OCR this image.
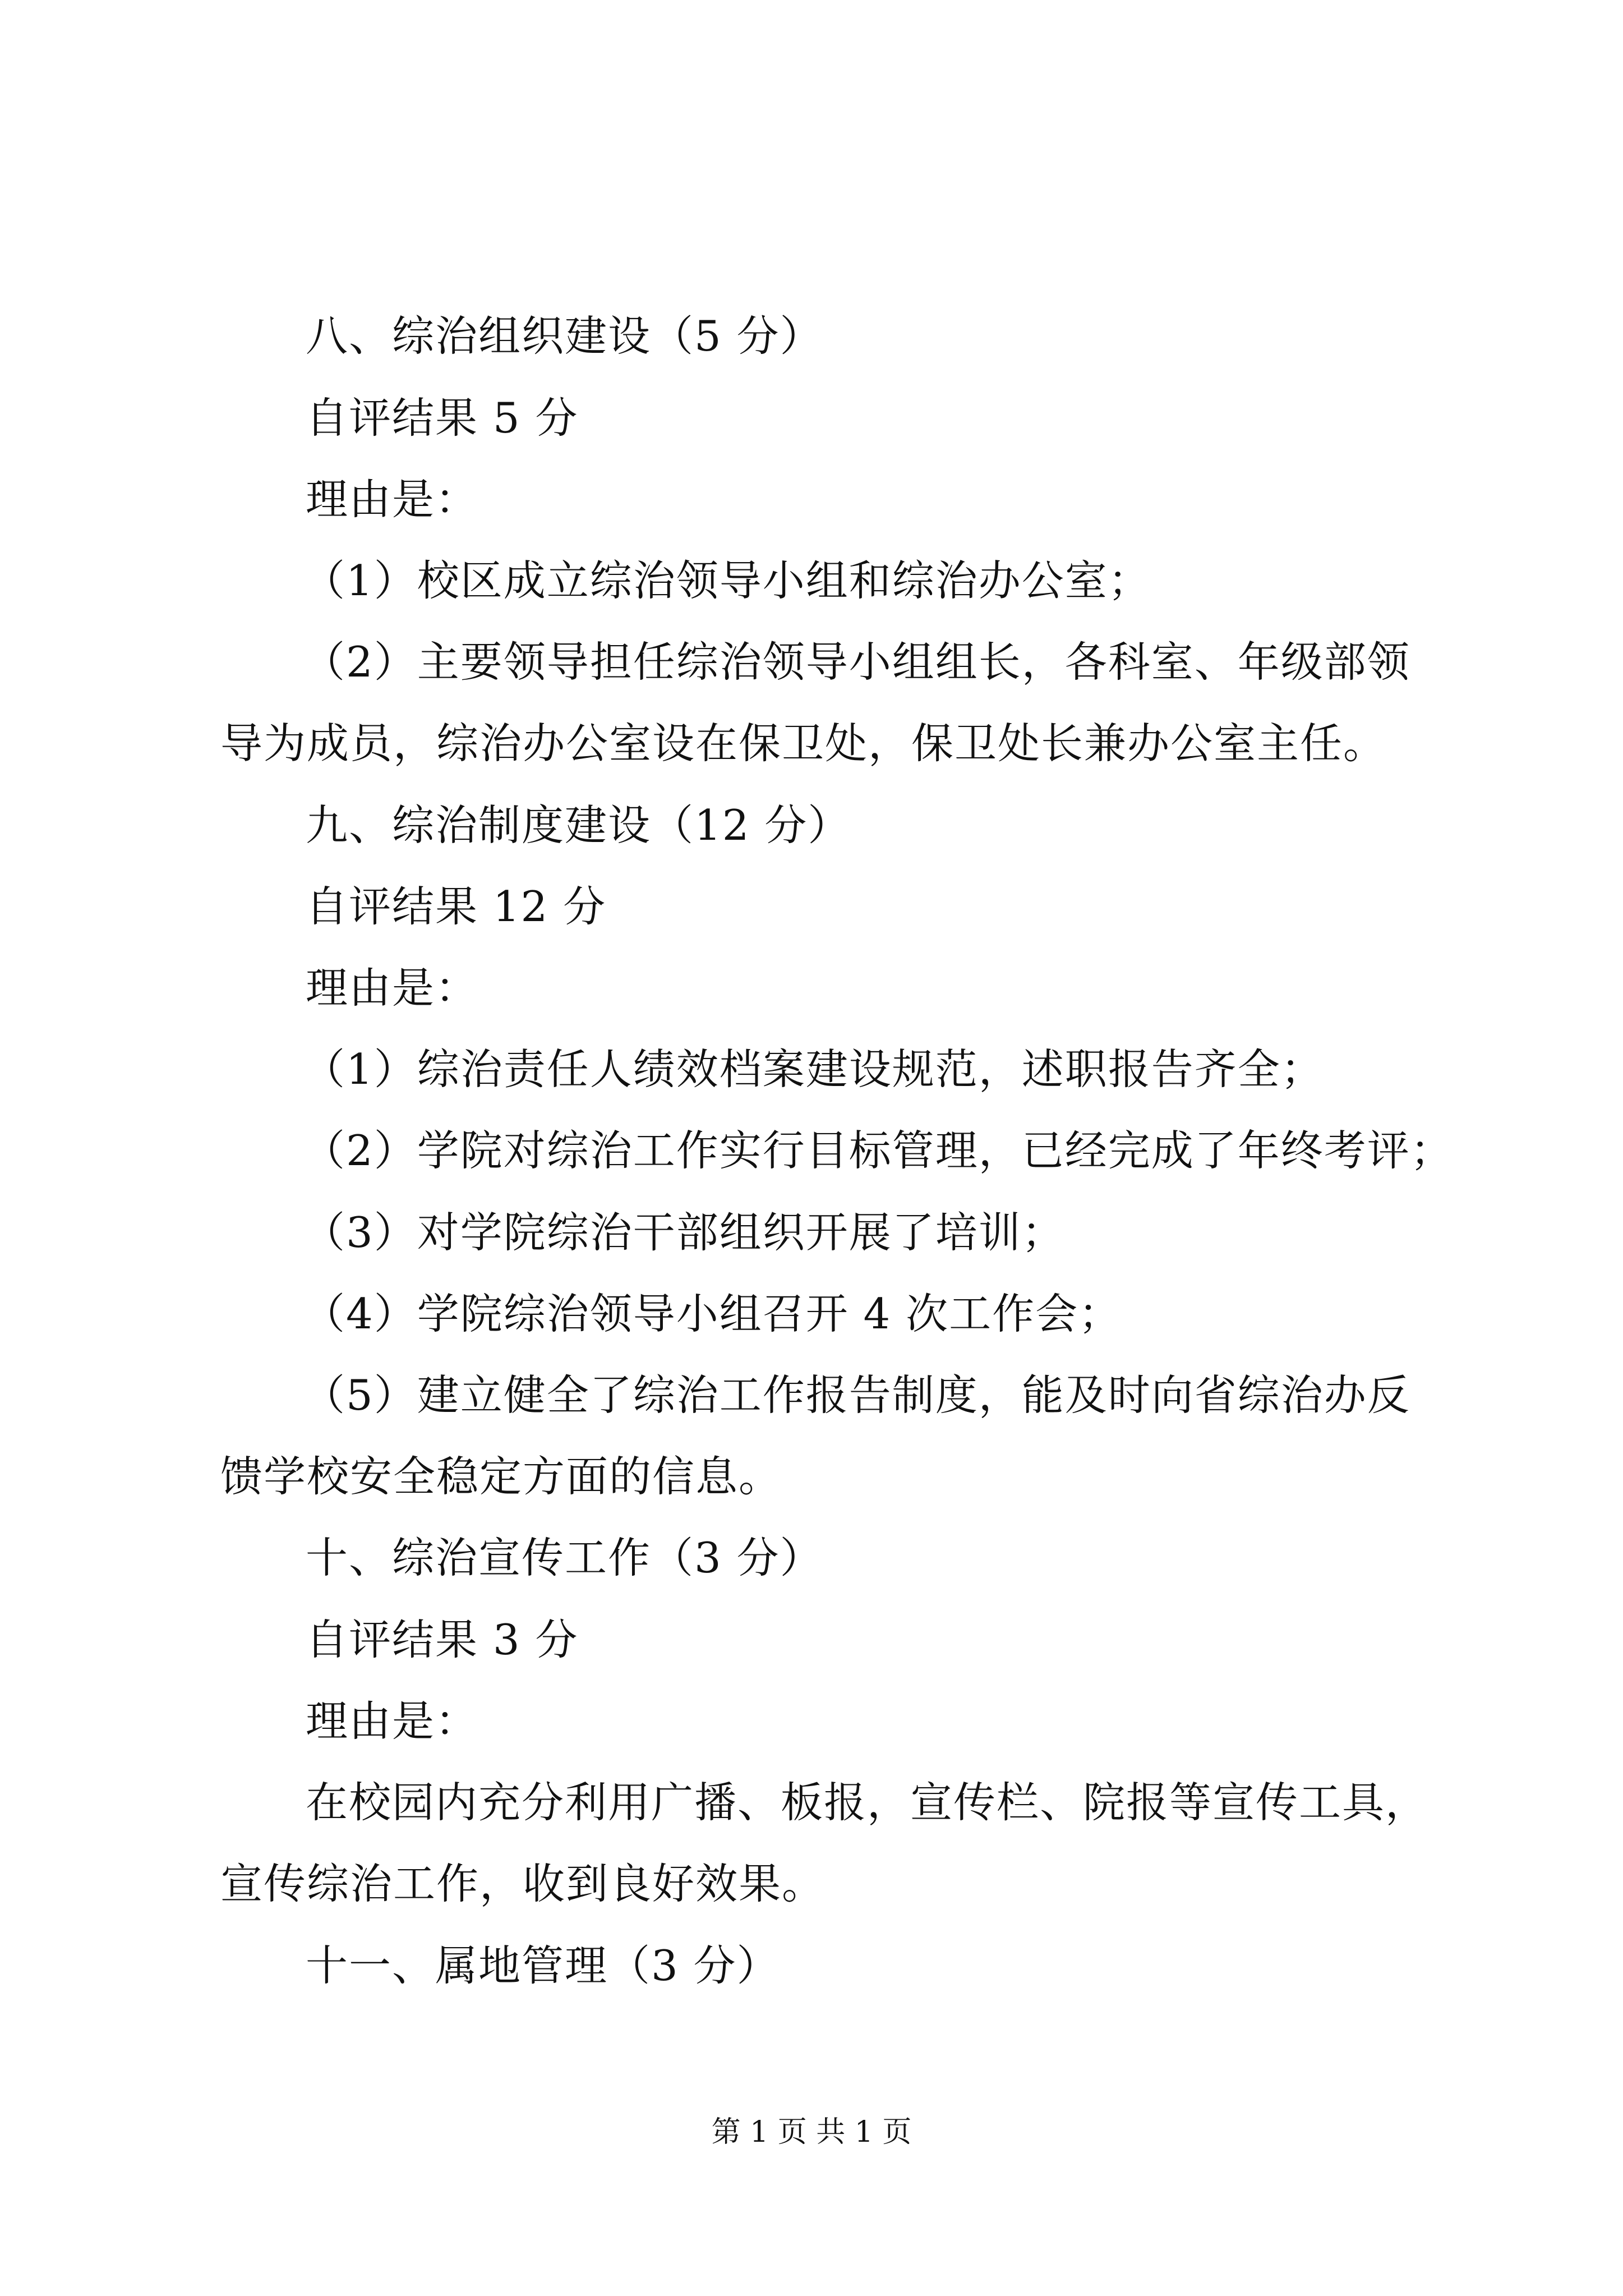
八、综治组织建设（5 分）
自评结果 5 分
理由是：
（1）校区成立综治领导小组和综治办公室；
（2）主要领导担任综治领导小组组长，各科室、年级部领
导为成员，综治办公室设在保卫处，保卫处长兼办公室主任。
九、综治制度建设（12 分）
自评结果 12 分
理由是：
（1）综治责任人绩效档案建设规范，述职报告齐全；
（2）学院对综治工作实行目标管理，已经完成了年终考评；
（3）对学院综治干部组织开展了培训；
（4）学院综治领导小组召开 4 次工作会；
（5）建立健全了综治工作报告制度，能及时向省综治办反
馈学校安全稳定方面的信息。
十、综治宣传工作（3 分）
自评结果 3 分
理由是：
在校园内充分利用广播、板报，宣传栏、院报等宣传工具，
宣传综治工作，收到良好效果。
十一、属地管理（3 分）
第 1 页 共 1 页
